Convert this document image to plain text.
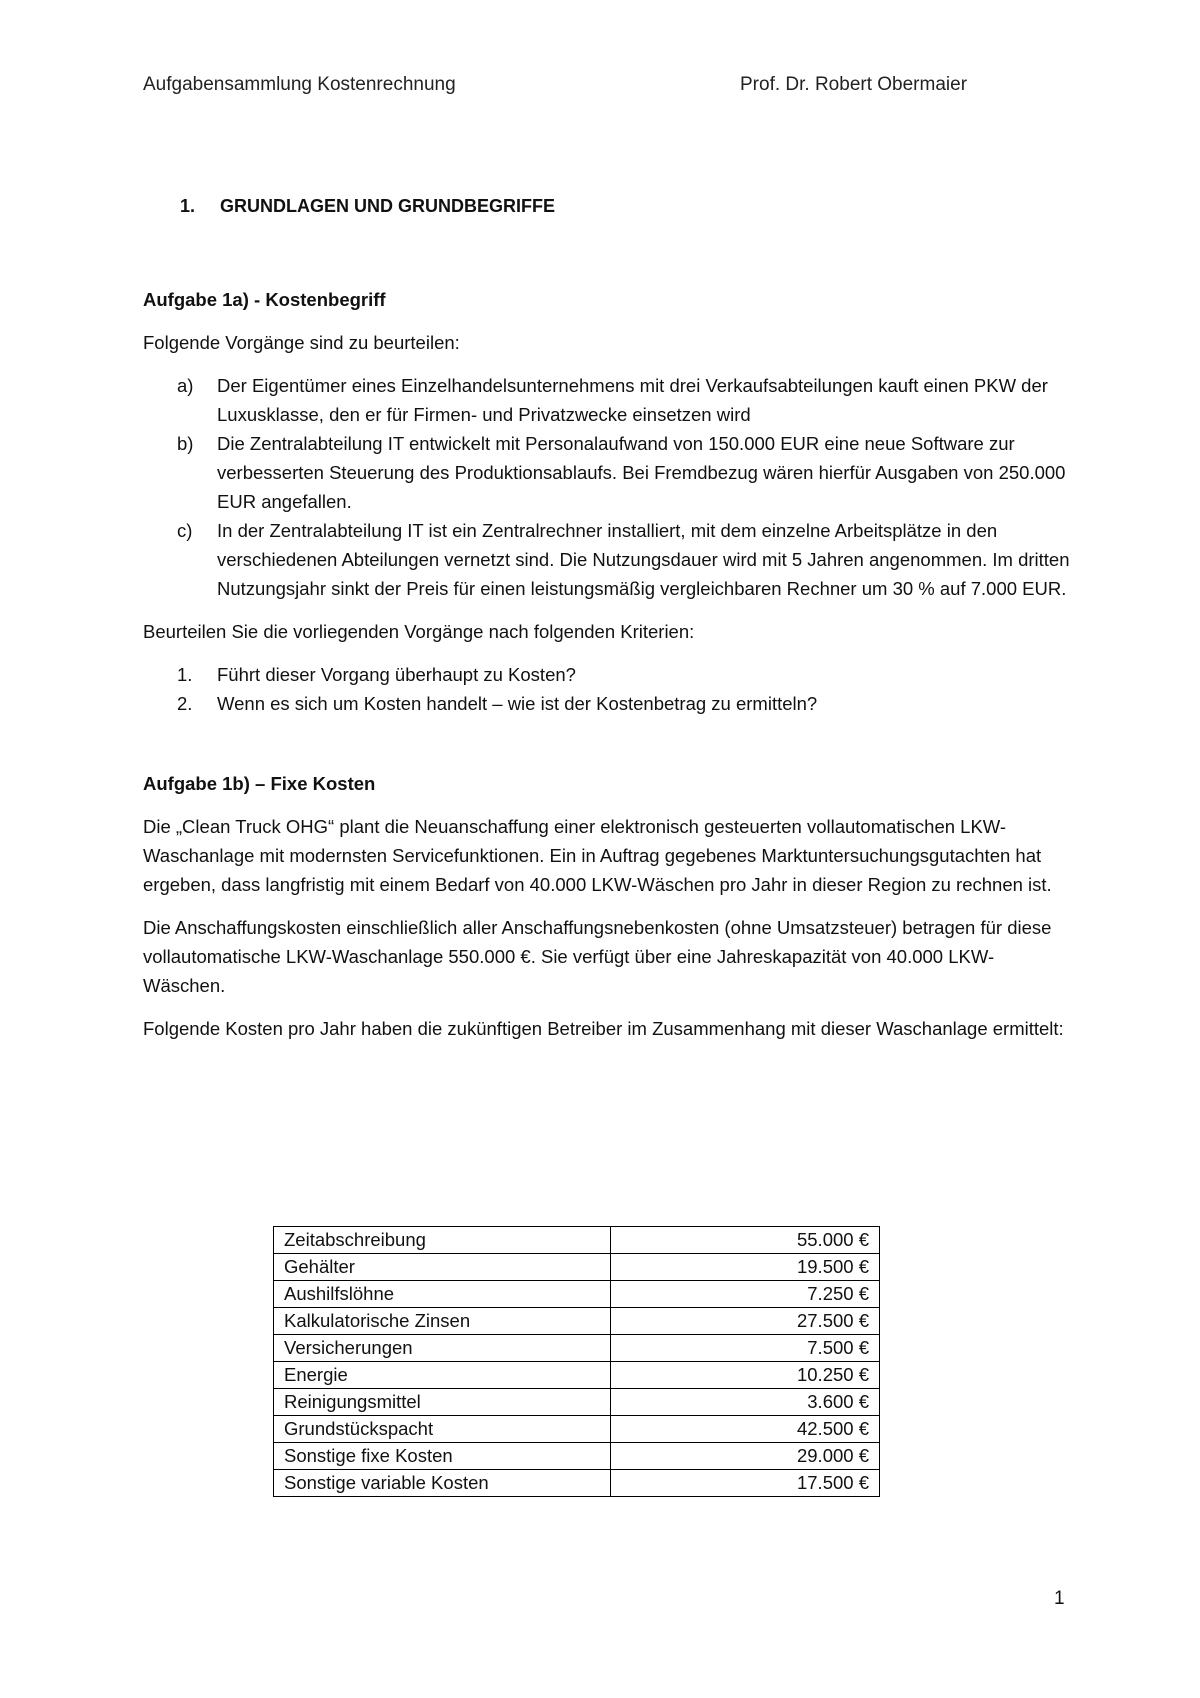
Aufgabensammlung Kostenrechnung	Prof. Dr. Robert Obermaier
1.	GRUNDLAGEN UND GRUNDBEGRIFFE
Aufgabe 1a) - Kostenbegriff

Folgende Vorgänge sind zu beurteilen:

a)	Der Eigentümer eines Einzelhandelsunternehmens mit drei Verkaufsabteilungen kauft einen PKW der Luxusklasse, den er für Firmen- und Privatzwecke einsetzen wird
b)	Die Zentralabteilung IT entwickelt mit Personalaufwand von 150.000 EUR eine neue Software zur verbesserten Steuerung des Produktionsablaufs. Bei Fremdbezug wären hierfür Ausgaben von 250.000 EUR angefallen.
c)	In der Zentralabteilung IT ist ein Zentralrechner installiert, mit dem einzelne Arbeitsplätze in den verschiedenen Abteilungen vernetzt sind. Die Nutzungsdauer wird mit 5 Jahren angenommen. Im dritten Nutzungsjahr sinkt der Preis für einen leistungsmäßig vergleichbaren Rechner um 30 % auf 7.000 EUR.

Beurteilen Sie die vorliegenden Vorgänge nach folgenden Kriterien:

1.	Führt dieser Vorgang überhaupt zu Kosten?
2.	Wenn es sich um Kosten handelt – wie ist der Kostenbetrag zu ermitteln?
Aufgabe 1b) – Fixe Kosten

Die „Clean Truck OHG“ plant die Neuanschaffung einer elektronisch gesteuerten vollautomatischen LKW-Waschanlage mit modernsten Servicefunktionen. Ein in Auftrag gegebenes Marktuntersuchungsgutachten hat ergeben, dass langfristig mit einem Bedarf von 40.000 LKW-Wäschen pro Jahr in dieser Region zu rechnen ist.

Die Anschaffungskosten einschließlich aller Anschaffungsnebenkosten (ohne Umsatzsteuer) betragen für diese vollautomatische LKW-Waschanlage 550.000 €. Sie verfügt über eine Jahreskapazität von 40.000 LKW-Wäschen.

Folgende Kosten pro Jahr haben die zukünftigen Betreiber im Zusammenhang mit dieser Waschanlage ermittelt:

Zeitabschreibung	55.000 €
Gehälter	19.500 €
Aushilfslöhne	7.250 €
Kalkulatorische Zinsen	27.500 €
Versicherungen	7.500 €
Energie	10.250 €
Reinigungsmittel	3.600 €
Grundstückspacht	42.500 €
Sonstige fixe Kosten	29.000 €
Sonstige variable Kosten	17.500 €
1
